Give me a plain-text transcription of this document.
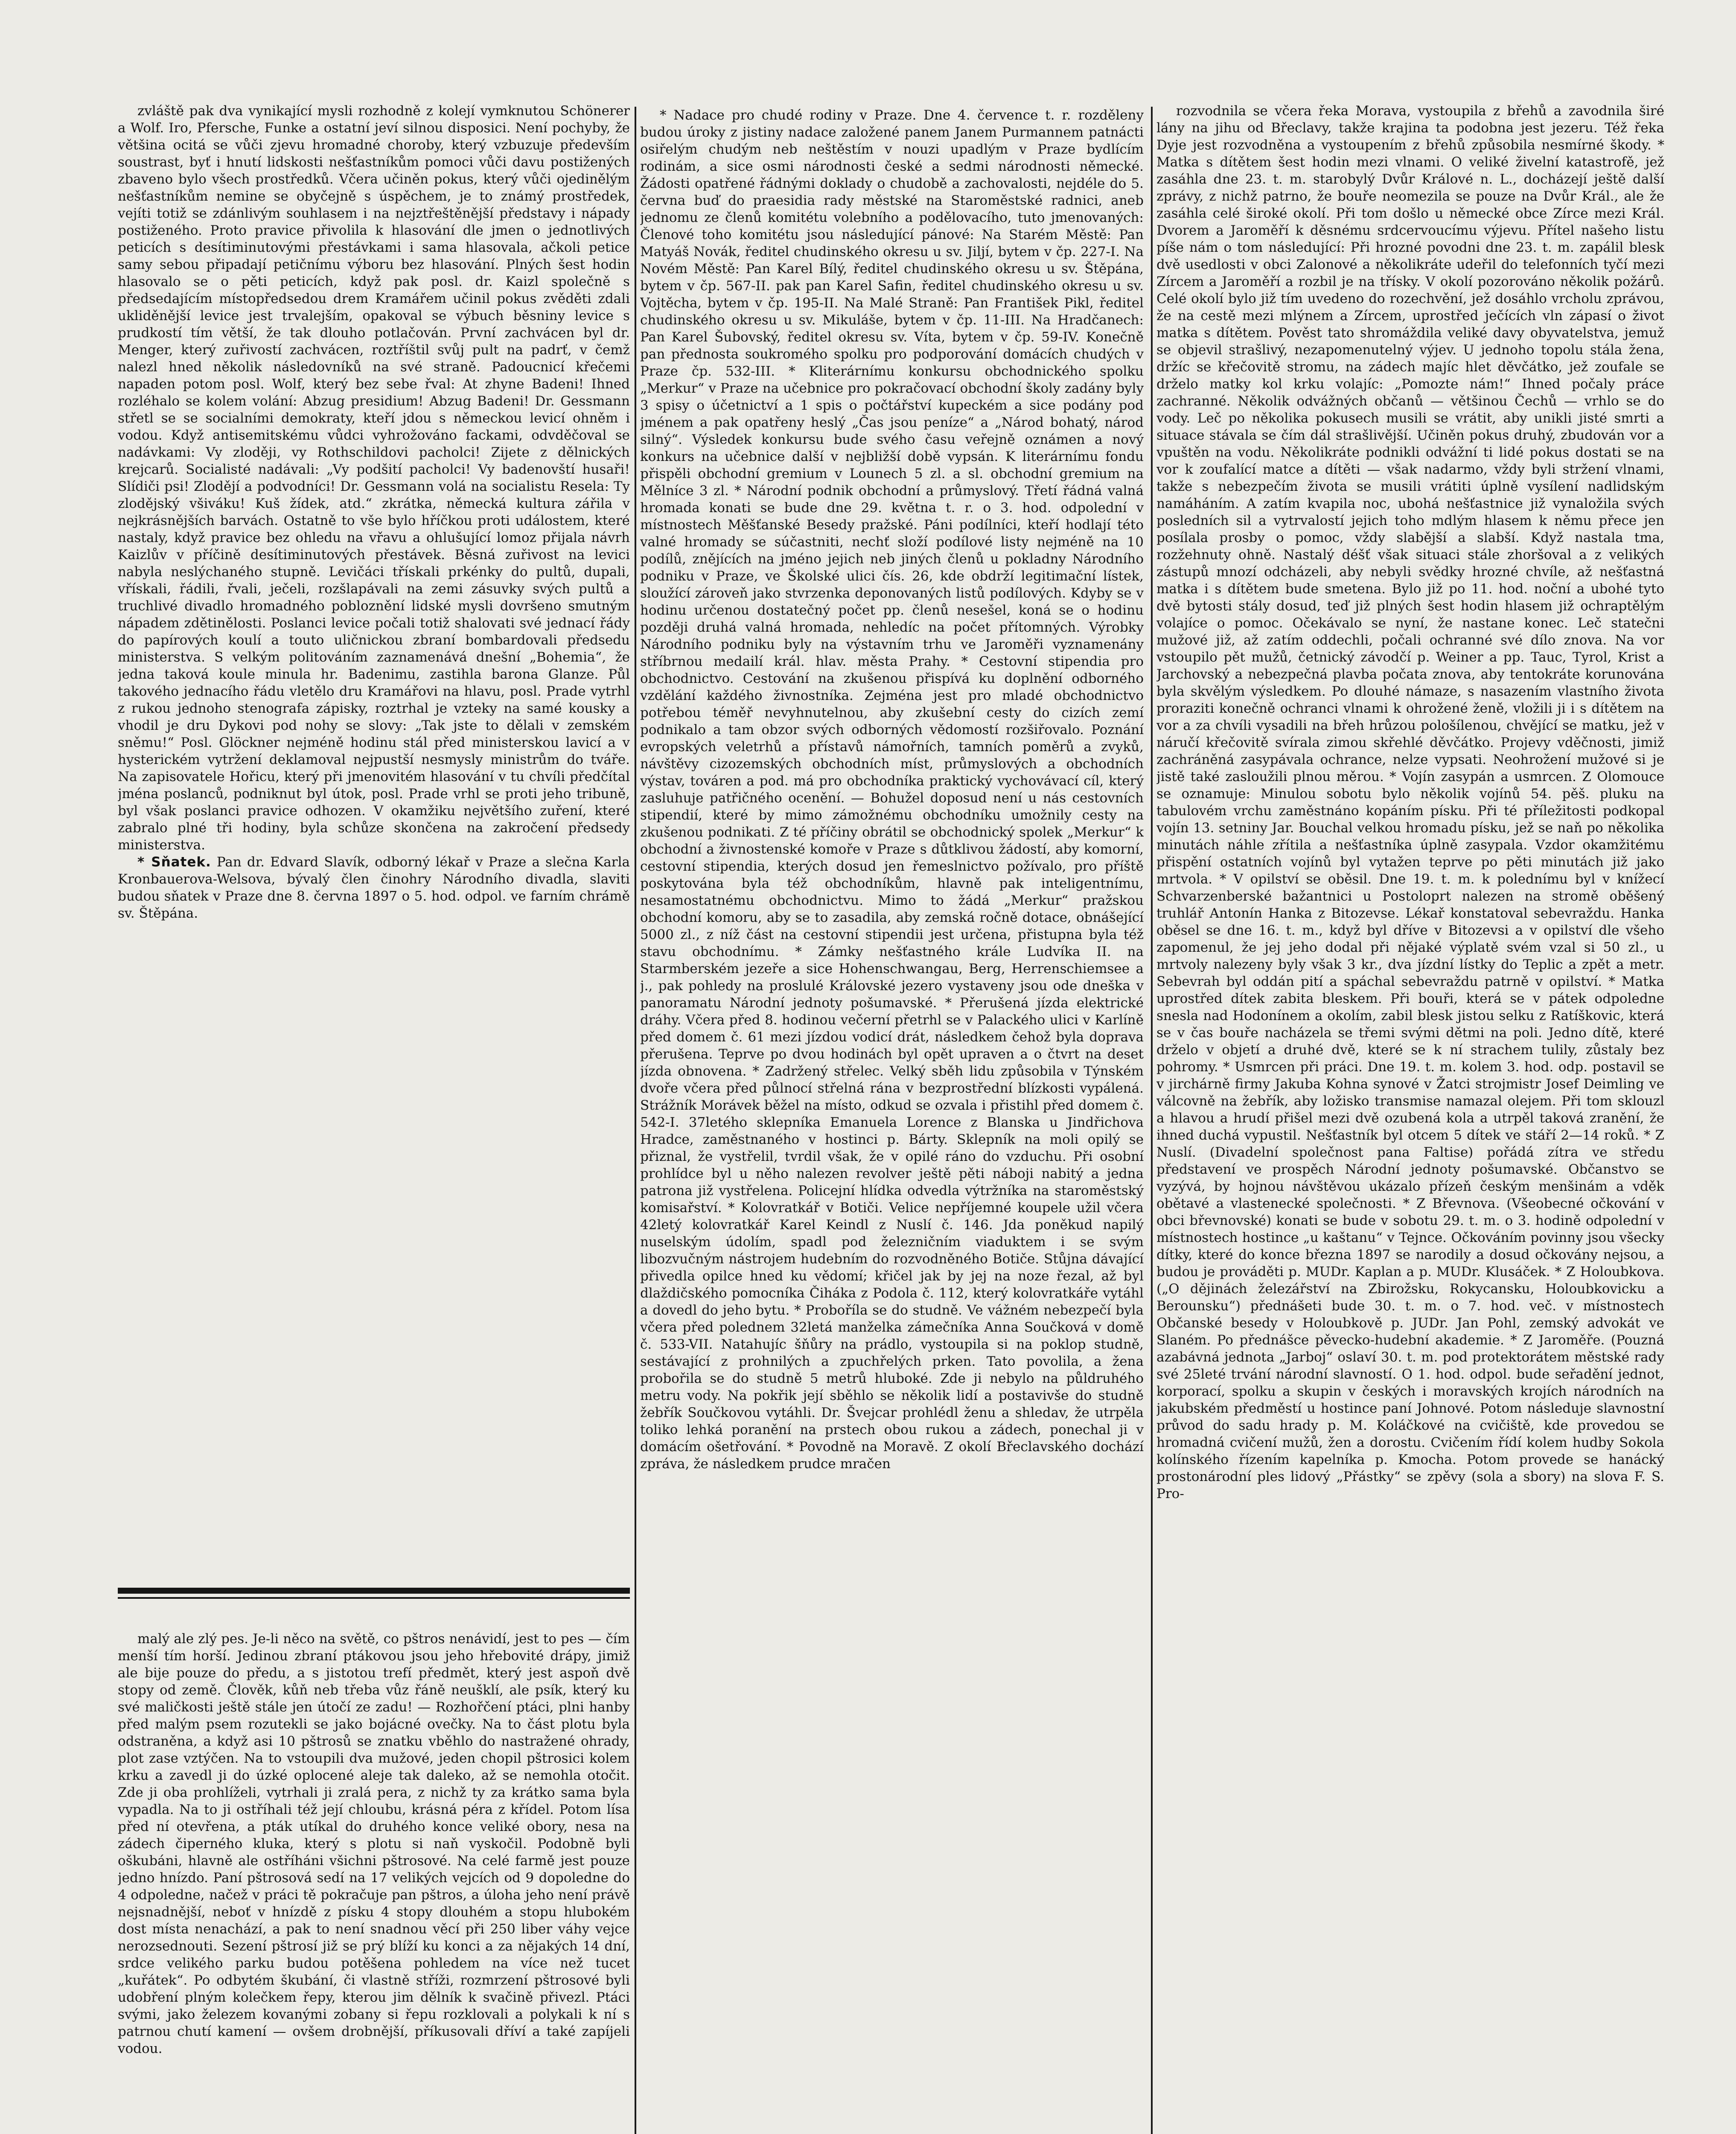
zvláště pak dva vynikající mysli rozhodně z kolejí vymknutou Schönerer a Wolf. Iro, Pfersche, Funke a ostatní jeví silnou disposici. Není pochyby, že většina ocitá se vůči zjevu hromadné choroby, který vzbuzuje především soustrast, byť i hnutí lidskosti nešťastníkům pomoci vůči davu postižených zbaveno bylo všech prostředků. Včera učiněn pokus, který vůči ojedinělým nešťastníkům nemine se obyčejně s úspěchem, je to známý prostředek, vejíti totiž se zdánlivým souhlasem i na nejztřeštěnější představy i nápady postiženého. Proto pravice přivolila k hlasování dle jmen o jednotlivých peticích s desítiminutovými přestávkami i sama hlasovala, ačkoli petice samy sebou připadají petičnímu výboru bez hlasování. Plných šest hodin hlasovalo se o pěti peticích, když pak posl. dr. Kaizl společně s předsedajícím místopředsedou drem Kramářem učinil pokus zvěděti zdali ukliděnější levice jest trvalejším, opakoval se výbuch běsniny levice s prudkostí tím větší, že tak dlouho potlačován. První zachvácen byl dr. Menger, který zuřivostí zachvácen, roztříštil svůj pult na padrť, v čemž nalezl hned několik následovníků na své straně. Padoucnicí křečemi napaden potom posl. Wolf, který bez sebe řval: At zhyne Badeni! Ihned rozléhalo se kolem volání: Abzug presidium! Abzug Badeni! Dr. Gessmann střetl se se socialními demokraty, kteří jdou s německou levicí ohněm i vodou. Když antisemitskému vůdci vyhrožováno fackami, odvděčoval se nadávkami: Vy zloději, vy Rothschildovi pacholci! Zijete z dělnických krejcarů. Socialisté nadávali: „Vy podšití pacholci! Vy badenovští husaři! Slídiči psi! Zlodějí a podvodníci! Dr. Gessmann volá na socialistu Resela: Ty zlodějský všiváku! Kuš žídek, atd.“ zkrátka, německá kultura zářila v nejkrásnějších barvách. Ostatně to vše bylo hříčkou proti událostem, které nastaly, když pravice bez ohledu na vřavu a ohlušující lomoz přijala návrh Kaizlův v příčině desítiminutových přestávek. Běsná zuřivost na levici nabyla neslýchaného stupně. Levičáci třískali prkénky do pultů, dupali, vřískali, řádili, řvali, ječeli, rozšlapávali na zemi zásuvky svých pultů a truchlivé divadlo hromadného pobloznění lidské mysli dovršeno smutným nápadem zdětinělosti. Poslanci levice počali totiž shalovati své jednací řády do papírových koulí a touto uličnickou zbraní bombardovali předsedu ministerstva. S velkým politováním zaznamenává dnešní „Bohemia“, že jedna taková koule minula hr. Badenimu, zastihla barona Glanze. Půl takového jednacího řádu vletělo dru Kramářovi na hlavu, posl. Prade vytrhl z rukou jednoho stenografa zápisky, roztrhal je vzteky na samé kousky a vhodil je dru Dykovi pod nohy se slovy: „Tak jste to dělali v zemském sněmu!“ Posl. Glöckner nejméně hodinu stál před ministerskou lavicí a v hysterickém vytržení deklamoval nejpustší nesmysly ministrům do tváře. Na zapisovatele Hořicu, který při jmenovitém hlasování v tu chvíli předčítal jména poslanců, podniknut byl útok, posl. Prade vrhl se proti jeho tribuně, byl však poslanci pravice odhozen. V okamžiku největšího zuření, které zabralo plné tři hodiny, byla schůze skončena na zakročení předsedy ministerstva.

* Sňatek. Pan dr. Edvard Slavík, odborný lékař v Praze a slečna Karla Kronbauerova-Welsova, bývalý člen činohry Národního divadla, slaviti budou sňatek v Praze dne 8. června 1897 o 5. hod. odpol. ve farním chrámě sv. Štěpána.

malý ale zlý pes. Je-li něco na světě, co pštros nenávidí, jest to pes — čím menší tím horší. Jedinou zbraní ptákovou jsou jeho hřebovité drápy, jimiž ale bije pouze do předu, a s jistotou trefí předmět, který jest aspoň dvě stopy od země. Člověk, kůň neb třeba vůz řáně neušklí, ale psík, který ku své maličkosti ještě stále jen útočí ze zadu! — Rozhořčení ptáci, plni hanby před malým psem rozutekli se jako bojácné ovečky. Na to část plotu byla odstraněna, a když asi 10 pštrosů se znatku vběhlo do nastražené ohrady, plot zase vztýčen. Na to vstoupili dva mužové, jeden chopil pštrosici kolem krku a zavedl ji do úzké oplocené aleje tak daleko, až se nemohla otočit. Zde ji oba prohlíželi, vytrhali ji zralá pera, z nichž ty za krátko sama byla vypadla. Na to ji ostříhali též její chloubu, krásná péra z křídel. Potom lísa před ní otevřena, a pták utíkal do druhého konce veliké obory, nesa na zádech čiperného kluka, který s plotu si naň vyskočil. Podobně byli oškubáni, hlavně ale ostříháni všichni pštrosové. Na celé farmě jest pouze jedno hnízdo. Paní pštrosová sedí na 17 velikých vejcích od 9 dopoledne do 4 odpoledne, načež v práci tě pokračuje pan pštros, a úloha jeho není právě nejsnadnější, neboť v hnízdě z písku 4 stopy dlouhém a stopu hlubokém dost místa nenachází, a pak to není snadnou věcí při 250 liber váhy vejce nerozsednouti. Sezení pštrosí již se prý blíží ku konci a za nějakých 14 dní, srdce velikého parku budou potěšena pohledem na více než tucet „kuřátek“. Po odbytém škubání, či vlastně stříži, rozmrzení pštrosové byli udobření plným kolečkem řepy, kterou jim dělník k svačině přivezl. Ptáci svými, jako železem kovanými zobany si řepu rozklovali a polykali k ní s patrnou chutí kamení — ovšem drobnější, příkusovali dříví a také zapíjeli vodou.

* Nadace pro chudé rodiny v Praze. Dne 4. července t. r. rozděleny budou úroky z jistiny nadace založené panem Janem Purmannem patnácti osiřelým chudým neb neštěstím v nouzi upadlým v Praze bydlícím rodinám, a sice osmi národnosti české a sedmi národnosti německé. Žádosti opatřené řádnými doklady o chudobě a zachovalosti, nejdéle do 5. června buď do praesidia rady městské na Staroměstské radnici, aneb jednomu ze členů komitétu volebního a podělovacího, tuto jmenovaných: Členové toho komitétu jsou následující pánové: Na Starém Městě: Pan Matyáš Novák, ředitel chudinského okresu u sv. Jiljí, bytem v čp. 227-I. Na Novém Městě: Pan Karel Bílý, ředitel chudinského okresu u sv. Štěpána, bytem v čp. 567-II. pak pan Karel Safin, ředitel chudinského okresu u sv. Vojtěcha, bytem v čp. 195-II. Na Malé Straně: Pan František Pikl, ředitel chudinského okresu u sv. Mikuláše, bytem v čp. 11-III. Na Hradčanech: Pan Karel Šubovský, ředitel okresu sv. Víta, bytem v čp. 59-IV. Konečně pan přednosta soukromého spolku pro podporování domácích chudých v Praze čp. 532-III. * Kliterárnímu konkursu obchodnického spolku „Merkur“ v Praze na učebnice pro pokračovací obchodní školy zadány byly 3 spisy o účetnictví a 1 spis o počtářství kupeckém a sice podány pod jménem a pak opatřeny heslý „Čas jsou peníze“ a „Národ bohatý, národ silný“. Výsledek konkursu bude svého času veřejně oznámen a nový konkurs na učebnice další v nejbližší době vypsán. K literárnímu fondu přispěli obchodní gremium v Lounech 5 zl. a sl. obchodní gremium na Mělníce 3 zl. * Národní podnik obchodní a průmyslový. Třetí řádná valná hromada konati se bude dne 29. května t. r. o 3. hod. odpolední v místnostech Měšťanské Besedy pražské. Páni podílníci, kteří hodlají této valné hromady se súčastniti, nechť složí podílové listy nejméně na 10 podílů, znějících na jméno jejich neb jiných členů u pokladny Národního podniku v Praze, ve Školské ulici čís. 26, kde obdrží legitimační lístek, sloužící zároveň jako stvrzenka deponovaných listů podílových. Kdyby se v hodinu určenou dostatečný počet pp. členů nesešel, koná se o hodinu později druhá valná hromada, nehledíc na počet přítomných. Výrobky Národního podniku byly na výstavním trhu ve Jaroměři vyznamenány stříbrnou medailí král. hlav. města Prahy. * Cestovní stipendia pro obchodnictvo. Cestování na zkušenou přispívá ku doplnění odborného vzdělání každého živnostníka. Zejména jest pro mladé obchodnictvo potřebou téměř nevyhnutelnou, aby zkušební cesty do cizích zemí podnikalo a tam obzor svých odborných vědomostí rozšiřovalo. Poznání evropských veletrhů a přístavů námořních, tamních poměrů a zvyků, návštěvy cizozemských obchodních míst, průmyslových a obchodních výstav, továren a pod. má pro obchodníka praktický vychovávací cíl, který zasluhuje patřičného ocenění. — Bohužel doposud není u nás cestovních stipendií, které by mimo zámožnému obchodníku umožnily cesty na zkušenou podnikati. Z té příčiny obrátil se obchodnický spolek „Merkur“ k obchodní a živnostenské komoře v Praze s důtklivou žádostí, aby komorní, cestovní stipendia, kterých dosud jen řemeslnictvo požívalo, pro příště poskytována byla též obchodníkům, hlavně pak inteligentnímu, nesamostatnému obchodnictvu. Mimo to žádá „Merkur“ pražskou obchodní komoru, aby se to zasadila, aby zemská ročně dotace, obnášející 5000 zl., z níž část na cestovní stipendii jest určena, přistupna byla též stavu obchodnímu. * Zámky nešťastného krále Ludvíka II. na Starmberském jezeře a sice Hohenschwangau, Berg, Herrenschiemsee a j., pak pohledy na proslulé Královské jezero vystaveny jsou ode dneška v panoramatu Národní jednoty pošumavské. * Přerušená jízda elektrické dráhy. Včera před 8. hodinou večerní přetrhl se v Palackého ulici v Karlíně před domem č. 61 mezi jízdou vodicí drát, následkem čehož byla doprava přerušena. Teprve po dvou hodinách byl opět upraven a o čtvrt na deset jízda obnovena. * Zadržený střelec. Velký sběh lidu způsobila v Týnském dvoře včera před půlnocí střelná rána v bezprostřední blízkosti vypálená. Strážník Morávek běžel na místo, odkud se ozvala i přistihl před domem č. 542-I. 37letého sklepníka Emanuela Lorence z Blanska u Jindřichova Hradce, zaměstnaného v hostinci p. Bárty. Sklepník na moli opilý se přiznal, že vystřelil, tvrdil však, že v opilé ráno do vzduchu. Při osobní prohlídce byl u něho nalezen revolver ještě pěti náboji nabitý a jedna patrona již vystřelena. Policejní hlídka odvedla výtržníka na staroměstský komisařství. * Kolovratkář v Botiči. Velice nepříjemné koupele užil včera 42letý kolovratkář Karel Keindl z Nuslí č. 146. Jda poněkud napilý nuselským údolím, spadl pod železničním viaduktem i se svým libozvučným nástrojem hudebním do rozvodněného Botiče. Stůjna dávající přivedla opilce hned ku vědomí; křičel jak by jej na noze řezal, až byl dlaždičského pomocníka Čiháka z Podola č. 112, který kolovratkáře vytáhl a dovedl do jeho bytu. * Proboříla se do studně. Ve vážném nebezpečí byla včera před polednem 32letá manželka zámečníka Anna Součková v domě č. 533-VII. Natahujíc šňůry na prádlo, vystoupila si na poklop studně, sestávající z prohnilých a zpuchřelých prken. Tato povolila, a žena probořila se do studně 5 metrů hluboké. Zde ji nebylo na půldruhého metru vody. Na pokřik její sběhlo se několik lidí a postavivše do studně žebřík Součkovou vytáhli. Dr. Švejcar prohlédl ženu a shledav, že utrpěla toliko lehká poranění na prstech obou rukou a zádech, ponechal ji v domácím ošetřování. * Povodně na Moravě. Z okolí Břeclavského dochází zpráva, že následkem prudce mračen

rozvodnila se včera řeka Morava, vystoupila z břehů a zavodnila širé lány na jihu od Břeclavy, takže krajina ta podobna jest jezeru. Též řeka Dyje jest rozvodněna a vystoupením z břehů způsobila nesmírné škody. * Matka s dítětem šest hodin mezi vlnami. O veliké živelní katastrofě, jež zasáhla dne 23. t. m. starobylý Dvůr Králové n. L., docházejí ještě další zprávy, z nichž patrno, že bouře neomezila se pouze na Dvůr Král., ale že zasáhla celé široké okolí. Při tom došlo u německé obce Zírce mezi Král. Dvorem a Jaroměří k děsnému srdcervoucímu výjevu. Přítel našeho listu píše nám o tom následující: Při hrozné povodni dne 23. t. m. zapálil blesk dvě usedlosti v obci Zalonové a několikráte udeřil do telefonních tyčí mezi Zírcem a Jaroměří a rozbil je na třísky. V okolí pozorováno několik požárů. Celé okolí bylo již tím uvedeno do rozechvění, jež dosáhlo vrcholu zprávou, že na cestě mezi mlýnem a Zírcem, uprostřed ječících vln zápasí o život matka s dítětem. Pověst tato shromáždila veliké davy obyvatelstva, jemuž se objevil strašlivý, nezapomenutelný výjev. U jednoho topolu stála žena, držíc se křečovitě stromu, na zádech majíc hlet děvčátko, jež zoufale se drželo matky kol krku volajíc: „Pomozte nám!“ Ihned počaly práce zachranné. Několik odvážných občanů — většinou Čechů — vrhlo se do vody. Leč po několika pokusech musili se vrátit, aby unikli jisté smrti a situace stávala se čím dál strašlivější. Učiněn pokus druhý, zbudován vor a vpuštěn na vodu. Několikráte podnikli odvážní ti lidé pokus dostati se na vor k zoufalící matce a dítěti — však nadarmo, vždy byli stržení vlnami, takže s nebezpečím života se musili vrátiti úplně vysílení nadlidským namáháním. A zatím kvapila noc, ubohá nešťastnice již vynaložila svých posledních sil a vytrvalostí jejich toho mdlým hlasem k němu přece jen posílala prosby o pomoc, vždy slabější a slabší. Když nastala tma, rozžehnuty ohně. Nastalý déšť však situaci stále zhoršoval a z velikých zástupů mnozí odcházeli, aby nebyli svědky hrozné chvíle, až nešťastná matka i s dítětem bude smetena. Bylo již po 11. hod. noční a ubohé tyto dvě bytosti stály dosud, teď již plných šest hodin hlasem již ochraptělým volajíce o pomoc. Očekávalo se nyní, že nastane konec. Leč statečni mužové již, až zatím oddechli, počali ochranné své dílo znova. Na vor vstoupilo pět mužů, četnický závodčí p. Weiner a pp. Tauc, Tyrol, Krist a Jarchovský a nebezpečná plavba počata znova, aby tentokráte korunována byla skvělým výsledkem. Po dlouhé námaze, s nasazením vlastního života proraziti konečně ochranci vlnami k ohrožené ženě, vložili ji i s dítětem na vor a za chvíli vysadili na břeh hrůzou pološílenou, chvějící se matku, jež v náručí křečovitě svírala zimou skřehlé děvčátko. Projevy vděčnosti, jimiž zachráněná zasypávala ochrance, nelze vypsati. Neohrožení mužové si je jistě také zasloužili plnou měrou. * Vojín zasypán a usmrcen. Z Olomouce se oznamuje: Minulou sobotu bylo několik vojínů 54. pěš. pluku na tabulovém vrchu zaměstnáno kopáním písku. Při té příležitosti podkopal vojín 13. setniny Jar. Bouchal velkou hromadu písku, jež se naň po několika minutách náhle zřítila a nešťastníka úplně zasypala. Vzdor okamžitému přispění ostatních vojínů byl vytažen teprve po pěti minutách již jako mrtvola. * V opilství se oběsil. Dne 19. t. m. k polednímu byl v knížecí Schvarzenberské bažantnici u Postoloprt nalezen na stromě oběšený truhlář Antonín Hanka z Bitozevse. Lékař konstatoval sebevraždu. Hanka oběsel se dne 16. t. m., když byl dříve v Bitozevsi a v opilství dle všeho zapomenul, že jej jeho dodal při nějaké výplatě svém vzal si 50 zl., u mrtvoly nalezeny byly však 3 kr., dva jízdní lístky do Teplic a zpět a metr. Sebevrah byl oddán pití a spáchal sebevraždu patrně v opilství. * Matka uprostřed dítek zabita bleskem. Při bouři, která se v pátek odpoledne snesla nad Hodonínem a okolím, zabil blesk jistou selku z Ratíškovic, která se v čas bouře nacházela se třemi svými dětmi na poli. Jedno dítě, které drželo v objetí a druhé dvě, které se k ní strachem tulily, zůstaly bez pohromy. * Usmrcen při práci. Dne 19. t. m. kolem 3. hod. odp. postavil se v jirchárně firmy Jakuba Kohna synové v Žatci strojmistr Josef Deimling ve válcovně na žebřík, aby ložisko transmise namazal olejem. Při tom sklouzl a hlavou a hrudí přišel mezi dvě ozubená kola a utrpěl taková zranění, že ihned duchá vypustil. Nešťastník byl otcem 5 dítek ve stáří 2—14 roků. * Z Nuslí. (Divadelní společnost pana Faltise) pořádá zítra ve středu představení ve prospěch Národní jednoty pošumavské. Občanstvo se vyzývá, by hojnou návštěvou ukázalo přízeň českým menšinám a vděk obětavé a vlastenecké společnosti. * Z Břevnova. (Všeobecné očkování v obci břevnovské) konati se bude v sobotu 29. t. m. o 3. hodině odpolední v místnostech hostince „u kaštanu“ v Tejnce. Očkováním povinny jsou všecky dítky, které do konce března 1897 se narodily a dosud očkovány nejsou, a budou je prováděti p. MUDr. Kaplan a p. MUDr. Klusáček. * Z Holoubkova. („O dějinách železářství na Zbirožsku, Rokycansku, Holoubkovicku a Berounsku“) přednášeti bude 30. t. m. o 7. hod. več. v místnostech Občanské besedy v Holoubkově p. JUDr. Jan Pohl, zemský advokát ve Slaném. Po přednášce pěvecko-hudební akademie. * Z Jaroměře. (Pouzná azabávná jednota „Jarboj“ oslaví 30. t. m. pod protektorátem městské rady své 25leté trvání národní slavností. O 1. hod. odpol. bude seřadění jednot, korporací, spolku a skupin v českých i moravských krojích národních na jakubském předměstí u hostince paní Johnové. Potom následuje slavnostní průvod do sadu hrady p. M. Koláčkové na cvičiště, kde provedou se hromadná cvičení mužů, žen a dorostu. Cvičením řídí kolem hudby Sokola kolínského řízením kapelníka p. Kmocha. Potom provede se hanácký prostonárodní ples lidový „Přástky“ se zpěvy (sola a sbory) na slova F. S. Pro-
